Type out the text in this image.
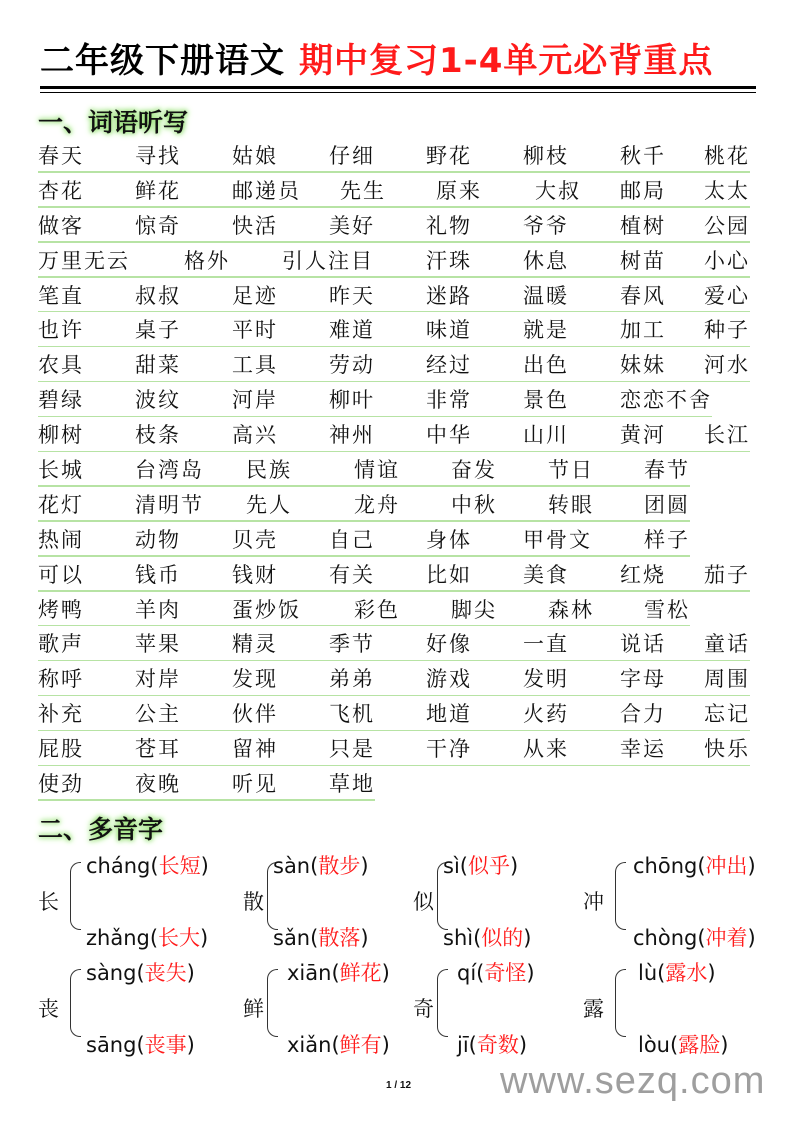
二年级下册语文 期中复习1-4单元必背重点
一、词语听写
春天 寻找 姑娘 仔细 野花 柳枝 秋千 桃花
杏花 鲜花 邮递员 先生 原来	大叔 邮局 太太
做客 惊奇 快活 美好 礼物 爷爷 植树 公园
万里无云	格外 引人注目 汗珠 休息 树苗 小心
笔直 叔叔 足迹 昨天 迷路 温暖 春风 爱心
也许 桌子 平时 难道 味道 就是 加工 种子
农具 甜菜 工具 劳动 经过 出色 妹妹 河水
碧绿 波纹 河岸 柳叶 非常 景色 恋恋不舍
柳树 枝条 高兴 神州 中华 山川 黄河 长江
长城 台湾岛 民族	情谊 奋发 节日 春节
花灯 清明节 先人	龙舟 中秋 转眼 团圆
热闹 动物 贝壳 自己 身体 甲骨文 样子
可以 钱币 钱财 有关 比如 美食 红烧 茄子
烤鸭 羊肉 蛋炒饭	彩色 脚尖 森林 雪松
歌声 苹果 精灵 季节 好像 一直 说话 童话
称呼 对岸 发现 弟弟 游戏 发明 字母 周围
补充 公主 伙伴 飞机 地道 火药 合力 忘记
屁股 苍耳 留神 只是 干净 从来 幸运 快乐
使劲 夜晚 听见 草地
二、多音字
长
cháng(长短)
zhǎng(长大)
散
sàn(散步)
sǎn(散落)
似
sì(似乎)
shì(似的)
冲
chōng(冲出)
chòng(冲着)
丧
sàng(丧失)
sāng(丧事)
鲜
xiān(鲜花)
xiǎn(鲜有)
奇
qí(奇怪)
jī(奇数)
露
lù(露水)
lòu(露脸)
1 / 12 www.sezq.com
